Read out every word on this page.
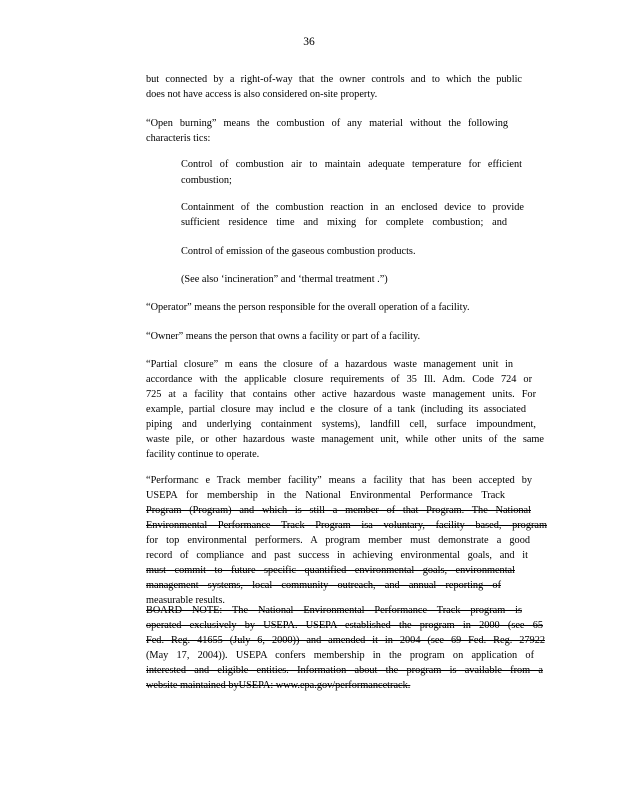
36
but connected by a right-of-way that the owner controls and to which the public
does not have access is also considered on-site property.
“Open burning” means the combustion of any material without the following
characteris tics:
Control of combustion air to maintain adequate temperature for efficient
combustion;
Containment of the combustion reaction in an enclosed device to provide
sufficient residence time and mixing for complete combustion; and
Control of emission of the gaseous combustion products.
(See also ‘incineration” and ‘thermal treatment .”)
“Operator” means the person responsible for the overall operation of a facility.
“Owner” means the person that owns a facility or part of a facility.
“Partial closure” m eans the closure of a hazardous waste management unit in
accordance with the applicable closure requirements of 35 Ill. Adm. Code 724 or
725 at a facility that contains other active hazardous waste management units. For
example, partial closure may includ e the closure of a tank (including its associated
piping and underlying containment systems), landfill cell, surface impoundment,
waste pile, or other hazardous waste management unit, while other units of the same
facility continue to operate.
“Performanc e Track member facility” means a facility that has been accepted by
USEPA for membership in the National Environmental Performance Track
Program (Program) and which is still a member of that Program. The National
Environmental Performance Track Program isa voluntary, facility based, program
for top environmental performers. A program member must demonstrate a good
record of compliance and past success in achieving environmental goals, and it
must commit to future specific quantified environmental goals, environmental
management systems, local community outreach, and annual reporting of
measurable results.
BOARD NOTE: The National Environmental Performance Track program is
operated exclusively by USEPA. USEPA established the program in 2000 (see 65
Fed. Reg. 41655 (July 6, 2000)) and amended it in 2004 (see 69 Fed. Reg. 27922
(May 17, 2004)). USEPA confers membership in the program on application of
interested and eligible entities. Information about the program is available from a
website maintained byUSEPA: www.epa.gov/performancetrack.
